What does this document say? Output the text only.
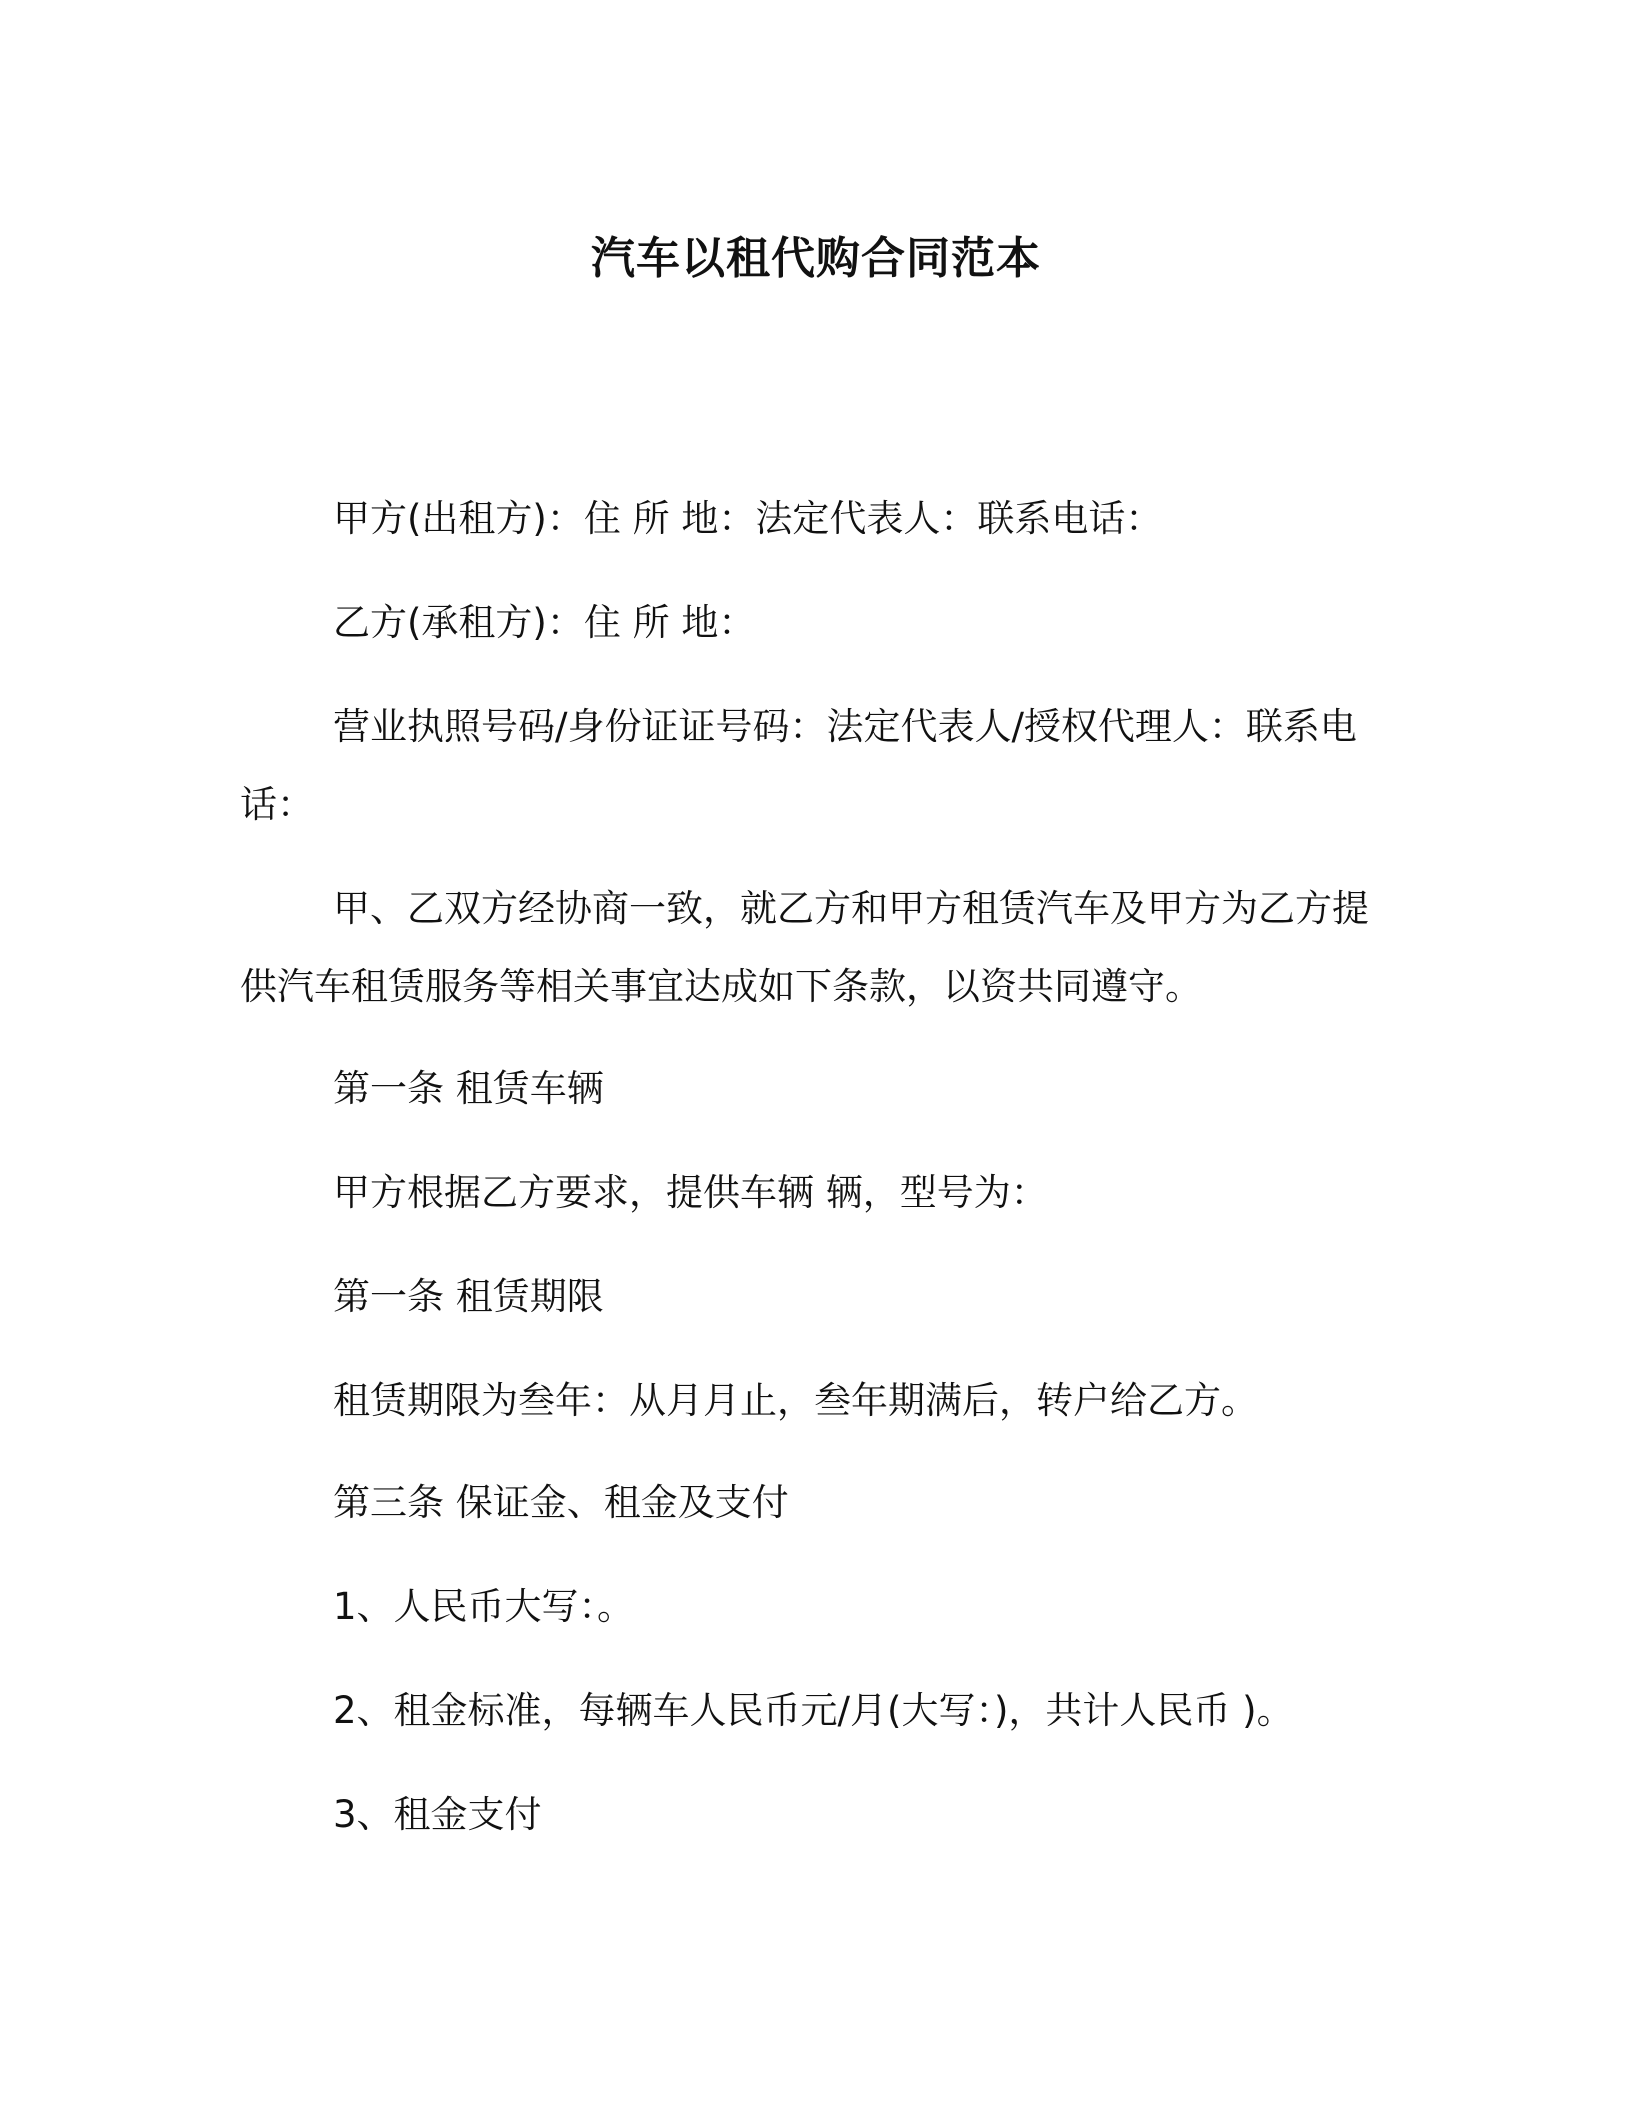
汽车以租代购合同范本
甲方(出租方)：住 所 地：法定代表人：联系电话：
乙方(承租方)：住 所 地：
营业执照号码/身份证证号码：法定代表人/授权代理人：联系电
话：
甲、乙双方经协商一致，就乙方和甲方租赁汽车及甲方为乙方提
供汽车租赁服务等相关事宜达成如下条款，以资共同遵守。
第一条 租赁车辆
甲方根据乙方要求，提供车辆 辆，型号为：
第一条 租赁期限
租赁期限为叁年：从月月止，叁年期满后，转户给乙方。
第三条 保证金、租金及支付
1、人民币大写：。
2、租金标准，每辆车人民币元/月(大写：)，共计人民币 )。
3、租金支付
